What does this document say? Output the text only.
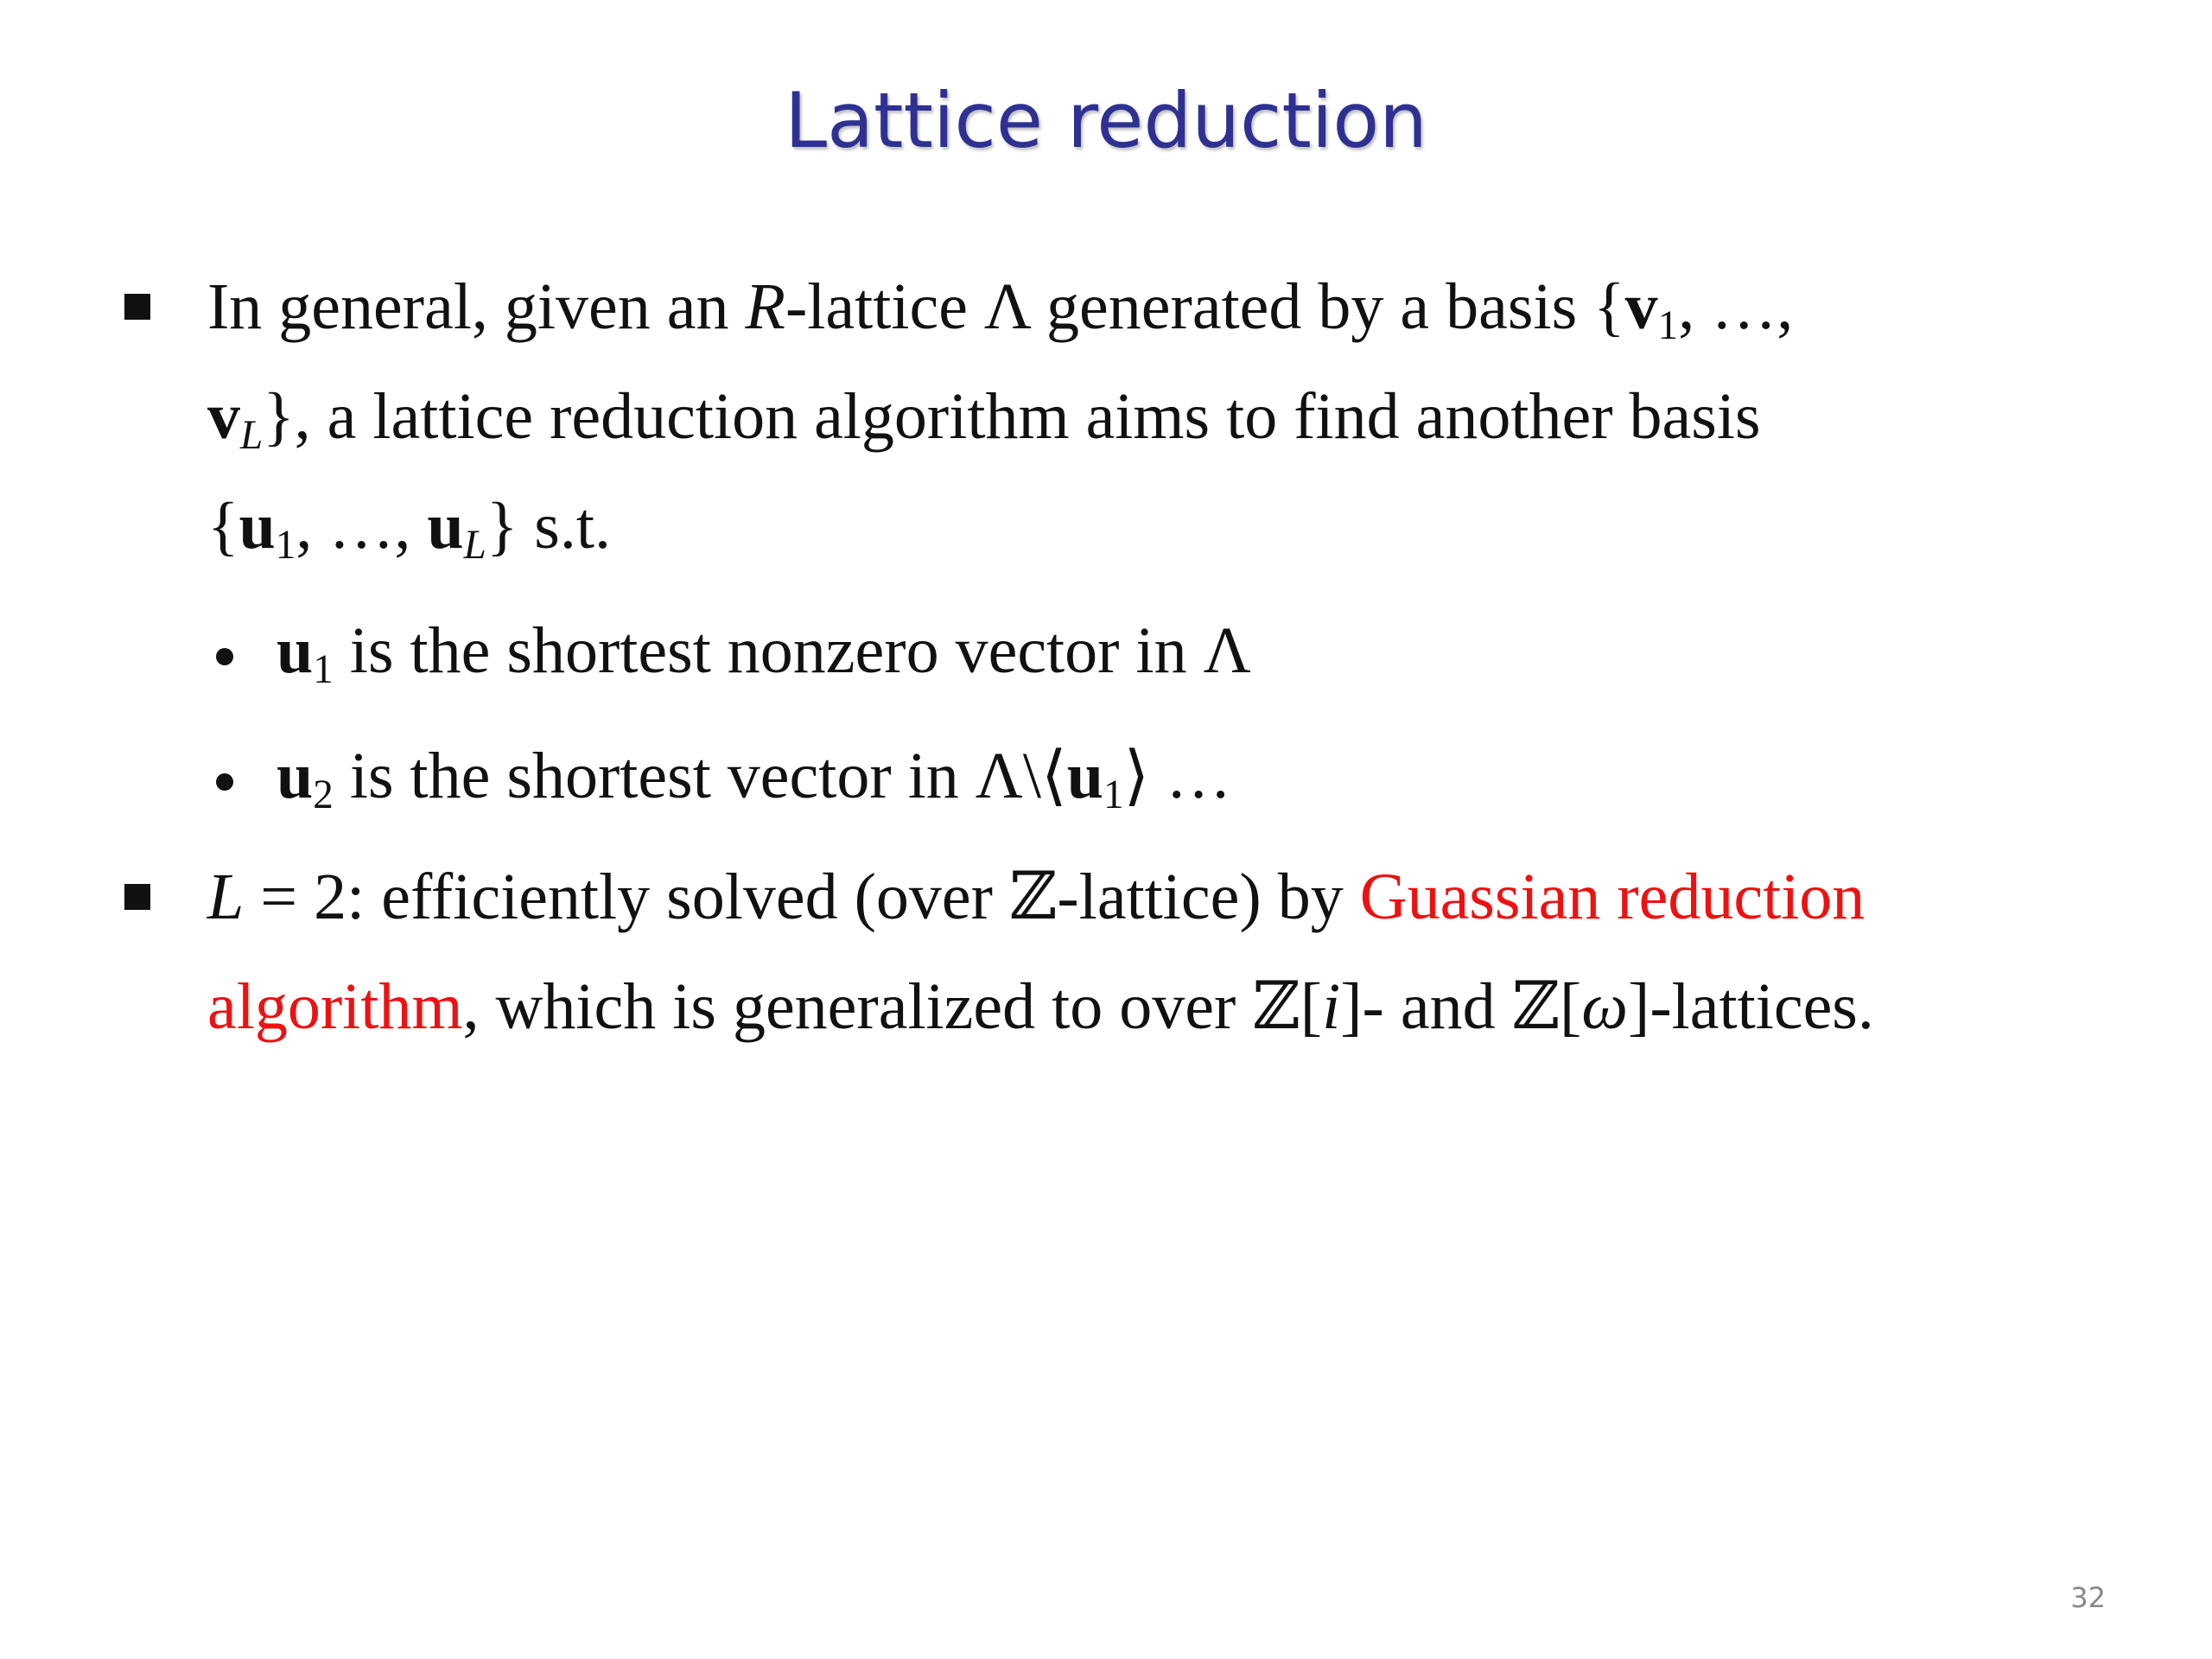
Lattice reduction
In general, given an R-lattice Λ generated by a basis {$v_1$, …,
$v_L$}, a lattice reduction algorithm aims to find another basis
{$u_1$, …, $u_L$} s.t.
$u_1$ is the shortest nonzero vector in Λ
$u_2$ is the shortest vector in $\Lambda\backslash⟨u_1⟩$ …
L = 2: efficiently solved (over ℤ-lattice) by Guassian reduction
algorithm, which is generalized to over ℤ[i]- and ℤ[ω]-lattices.
32
